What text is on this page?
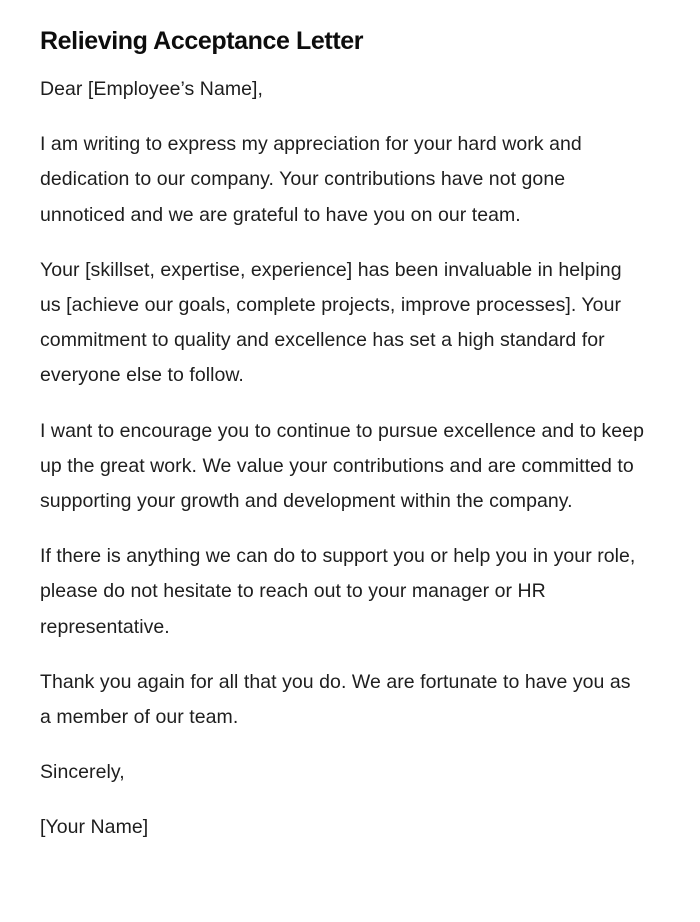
Relieving Acceptance Letter

Dear [Employee’s Name],

I am writing to express my appreciation for your hard work and dedication to our company. Your contributions have not gone unnoticed and we are grateful to have you on our team.

Your [skillset, expertise, experience] has been invaluable in helping us [achieve our goals, complete projects, improve processes]. Your commitment to quality and excellence has set a high standard for everyone else to follow.

I want to encourage you to continue to pursue excellence and to keep up the great work. We value your contributions and are committed to supporting your growth and development within the company.

If there is anything we can do to support you or help you in your role, please do not hesitate to reach out to your manager or HR representative.

Thank you again for all that you do. We are fortunate to have you as a member of our team.

Sincerely,

[Your Name]
